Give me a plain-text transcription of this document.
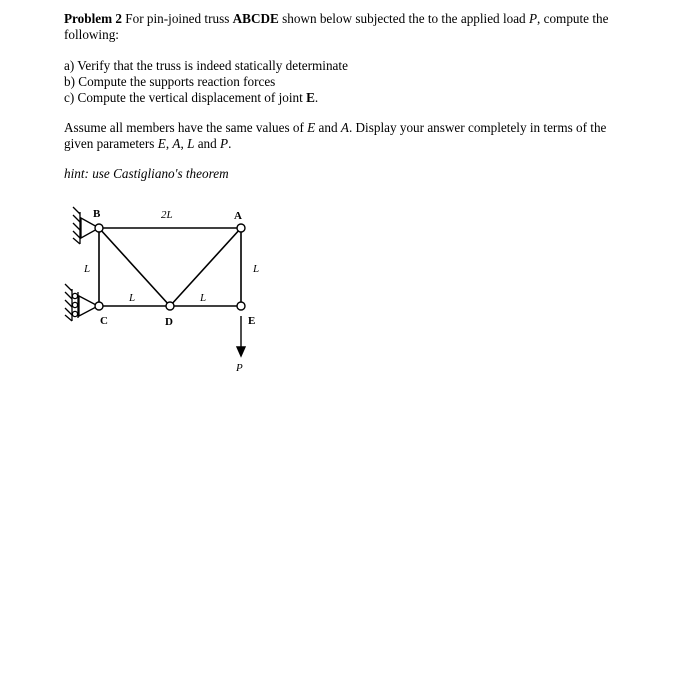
Problem 2 For pin-joined truss ABCDE shown below subjected the to the applied load P, compute the following:

a) Verify that the truss is indeed statically determinate
b) Compute the supports reaction forces
c) Compute the vertical displacement of joint E.

Assume all members have the same values of E and A. Display your answer completely in terms of the given parameters E, A, L and P.

hint: use Castigliano's theorem

B	A
C	D	E
2L
L	L
L	L
P
